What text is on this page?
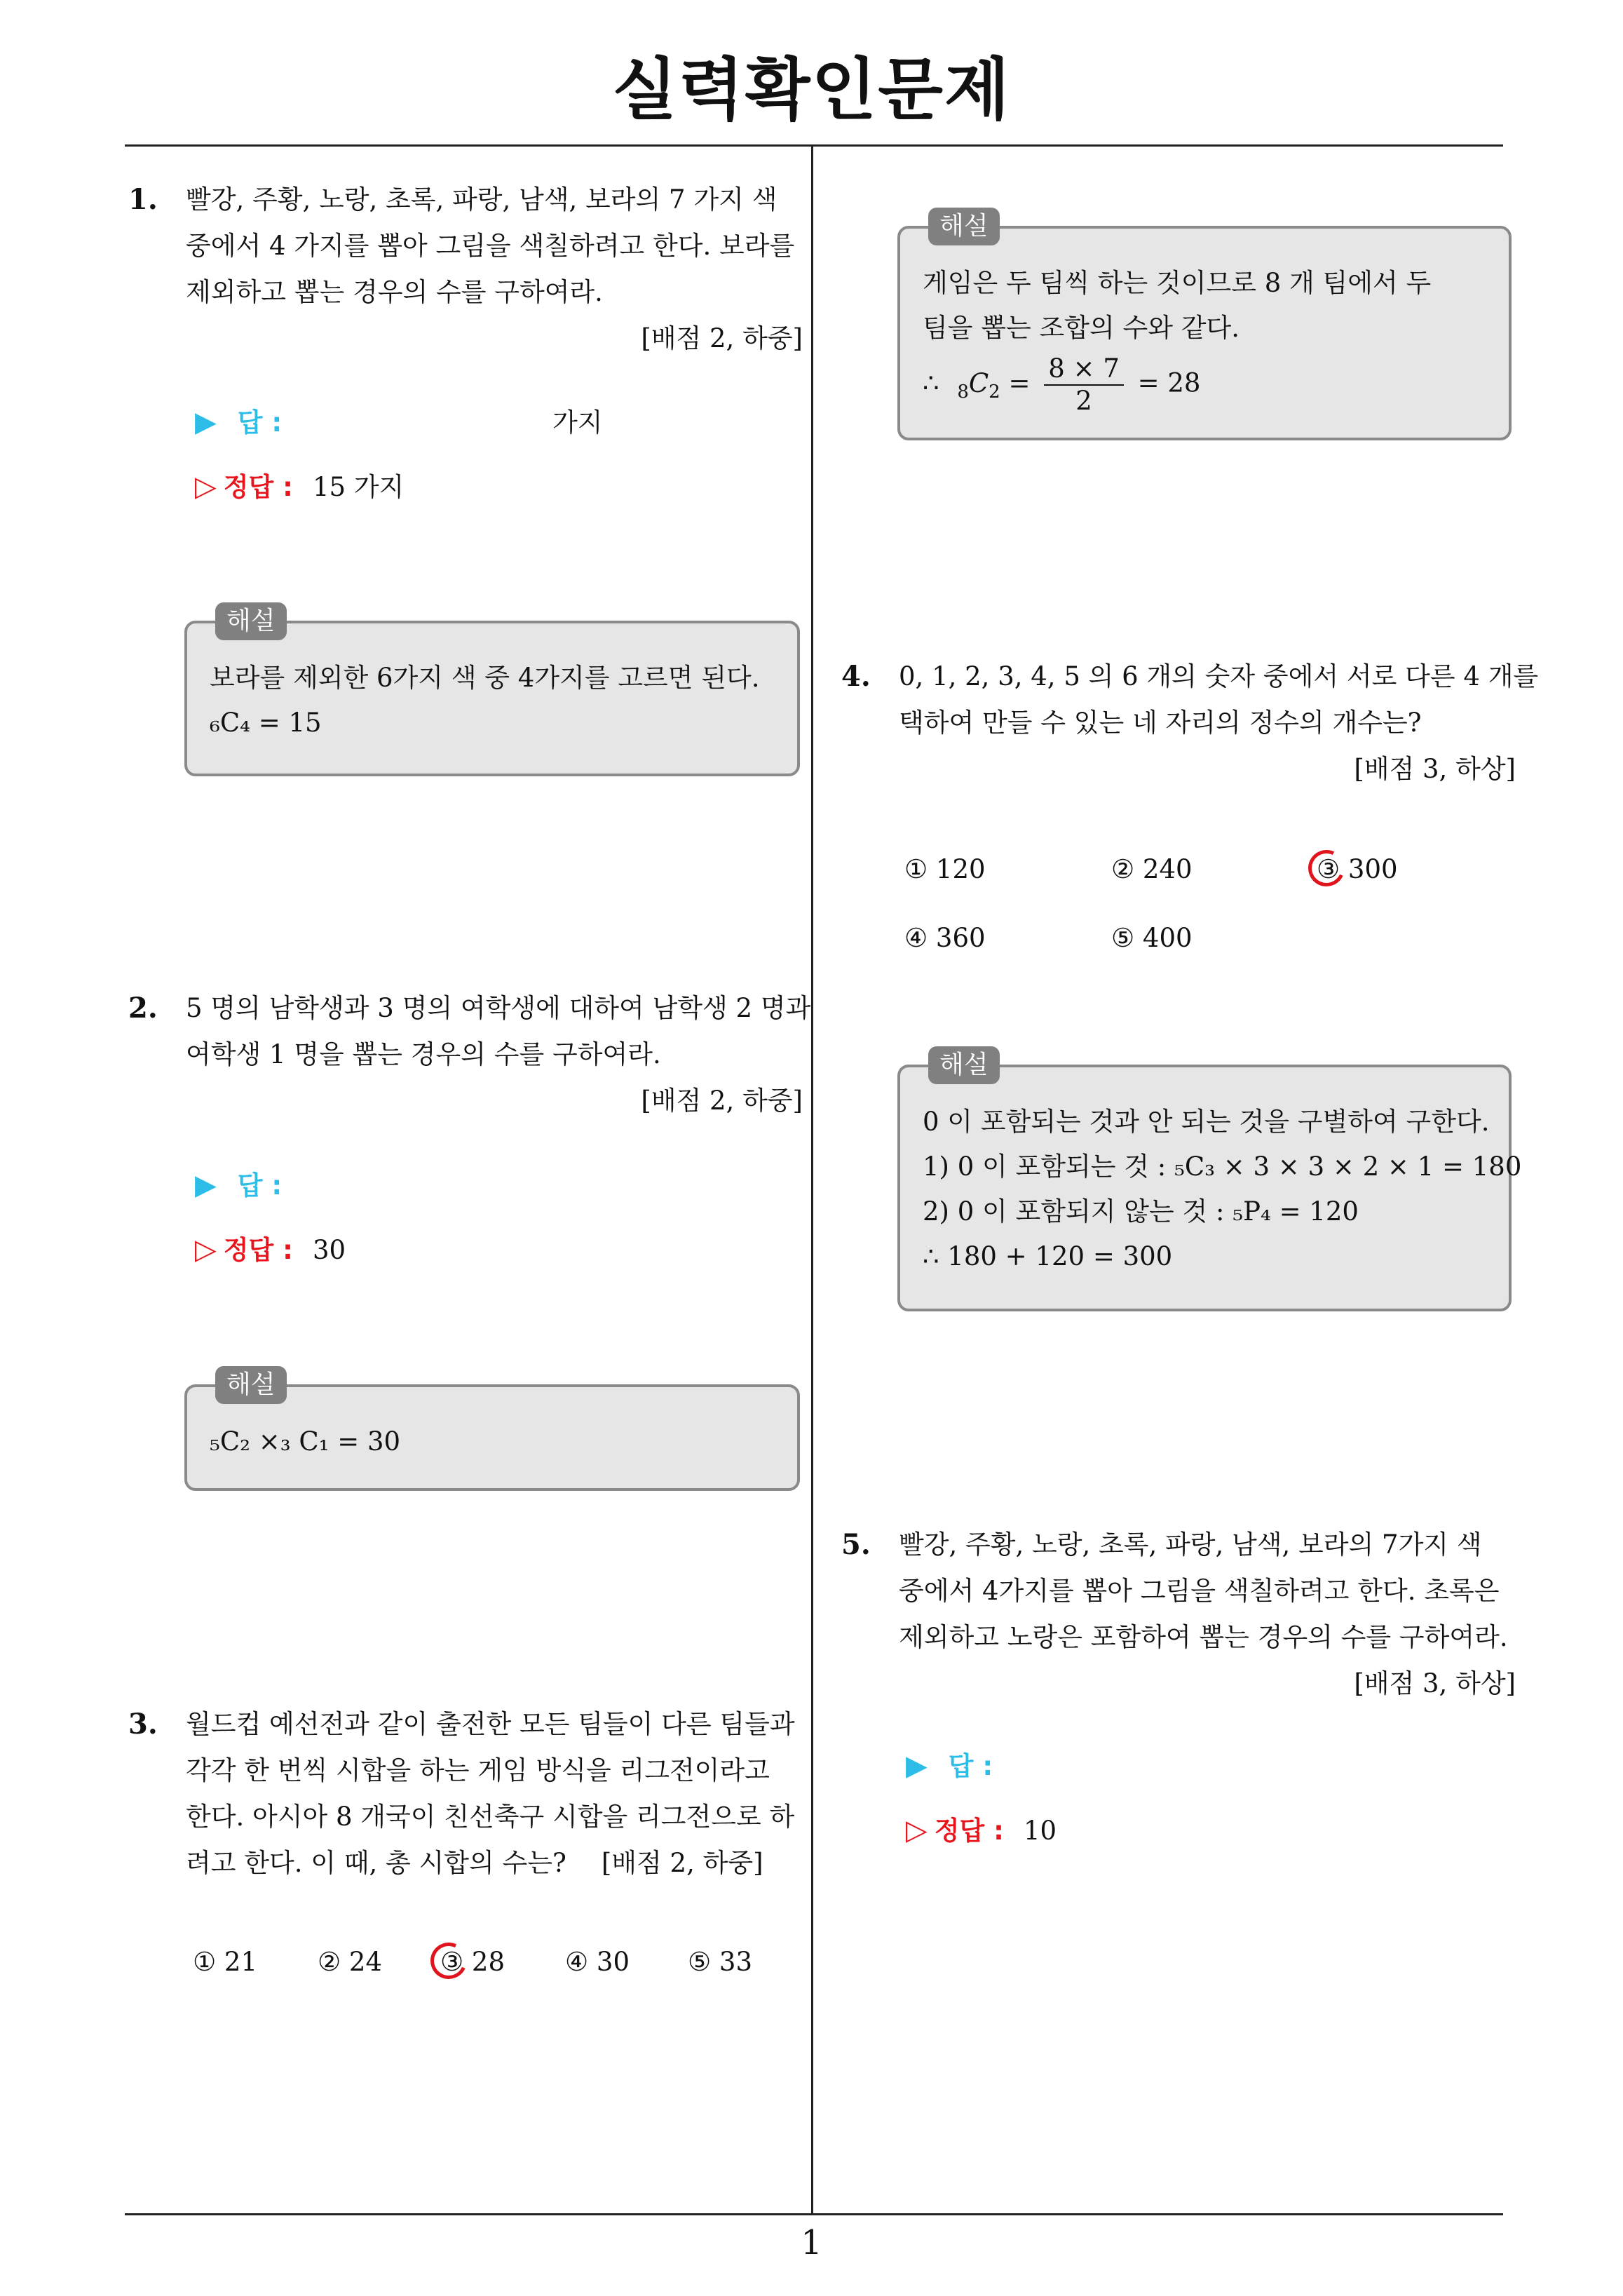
실력확인문제
1
1. 빨강, 주황, 노랑, 초록, 파랑, 남색, 보라의 7 가지 색
중에서 4 가지를 뽑아 그림을 색칠하려고 한다. 보라를
제외하고 뽑는 경우의 수를 구하여라.
[배점 2, 하중]
▶ 답 :	가지
▷ 정답 : 15 가지
해설
보라를 제외한 6가지 색 중 4가지를 고르면 된다.
₆C₄ = 15
2. 5 명의 남학생과 3 명의 여학생에 대하여 남학생 2 명과
여학생 1 명을 뽑는 경우의 수를 구하여라.
[배점 2, 하중]
▶ 답 :
▷ 정답 : 30
해설
₅C₂ ×₃ C₁ = 30
3. 월드컵 예선전과 같이 출전한 모든 팀들이 다른 팀들과
각각 한 번씩 시합을 하는 게임 방식을 리그전이라고
한다. 아시아 8 개국이 친선축구 시합을 리그전으로 하
려고 한다. 이 때, 총 시합의 수는? [배점 2, 하중]
① 21 ② 24 ③ 28 ④ 30 ⑤ 33
해설
게임은 두 팀씩 하는 것이므로 8 개 팀에서 두
팀을 뽑는 조합의 수와 같다.
∴ $_8C_2 = \frac{8 \times 7}{2} = 28$
4. 0, 1, 2, 3, 4, 5 의 6 개의 숫자 중에서 서로 다른 4 개를
택하여 만들 수 있는 네 자리의 정수의 개수는?
[배점 3, 하상]
① 120	② 240	③ 300
④ 360	⑤ 400
해설
0 이 포함되는 것과 안 되는 것을 구별하여 구한다.
1) 0 이 포함되는 것 : ₅C₃ × 3 × 3 × 2 × 1 = 180
2) 0 이 포함되지 않는 것 : ₅P₄ = 120
∴ 180 + 120 = 300
5. 빨강, 주황, 노랑, 초록, 파랑, 남색, 보라의 7가지 색
중에서 4가지를 뽑아 그림을 색칠하려고 한다. 초록은
제외하고 노랑은 포함하여 뽑는 경우의 수를 구하여라.
[배점 3, 하상]
▶ 답 :
▷ 정답 : 10
